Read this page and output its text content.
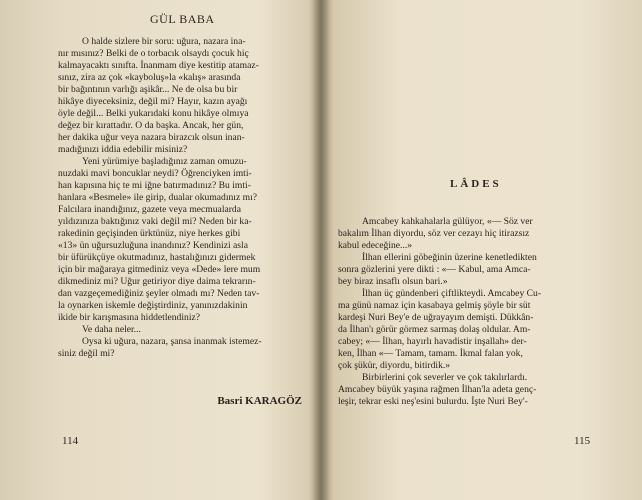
GÜL BABA
O halde sizlere bir soru: uğura, nazara ina-
nır mısınız? Belki de o torbacık olsaydı çocuk hiç
kalmayacaktı sınıfta. İnanmam diye kestitip atamaz-
sınız, zira az çok «kayboluş»la «kalış» arasında
bir bağıntının varlığı aşikâr... Ne de olsa bu bir
hikâye diyeceksiniz, değil mi? Hayır, kazın ayağı
öyle değil... Belki yukarıdaki konu hikâye olmıya
değez bir kırattadır. O da başka. Ancak, her gün,
her dakika uğur veya nazara birazcık olsun inan-
madığınızı iddia edebilir misiniz?
Yeni yürümiye başladığınız zaman omuzu-
nuzdaki mavi boncuklar neydi? Öğrenciyken imti-
han kapısına hiç te mi iğne batırmadınız? Bu imti-
hanlara «Besmele» ile girip, dualar okumadınız mı?
Falcılara inandığınız, gazete veya mecmualarda
yıldızınıza baktığınız vaki değil mi? Neden bir ka-
rakedinin geçişinden ürktünüz, niye herkes gibi
«13» ün uğursuzluğuna inandınız? Kendinizi asla
bir üfürükçüye okutmadınız, hastalığınızı gidermek
için bir mağaraya gitmediniz veya «Dede» lere mum
dikmediniz mi? Uğur getiriyor diye daima tekrarın-
dan vazgeçemediğiniz şeyler olmadı mı? Neden tav-
la oynarken iskemle değiştirdiniz, yanınızdakinin
ikide bir karışmasına hiddetlendiniz?
Ve daha neler...
Oysa ki uğura, nazara, şansa inanmak istemez-
siniz değil mi?
Basri KARAGÖZ
114
LÂDES
Amcabey kahkahalarla gülüyor, «— Söz ver
bakalım İlhan diyordu, söz ver cezayı hiç itirazsız
kabul edeceğine...»
İlhan ellerini göbeğinin üzerine kenetledikten
sonra gözlerini yere dikti : «— Kabul, ama Amca-
bey biraz insaflı olsun bari.»
İlhan üç gündenberi çiftlikteydi. Amcabey Cu-
ma günü namaz için kasabaya gelmiş şöyle bir süt
kardeşi Nuri Bey'e de uğrayayım demişti. Dükkân-
da İlhan'ı görür görmez sarmaş dolaş oldular. Am-
cabey; «— İlhan, hayırlı havadistir inşallah» der-
ken, İlhan «— Tamam, tamam. İkmal falan yok,
çok şükür, diyordu, bitirdik.»
Birbirlerini çok severler ve çok takılırlardı.
Amcabey büyük yaşına rağmen İlhan'la adeta genç-
leşir, tekrar eski neş'esini bulurdu. İşte Nuri Bey'-
115
